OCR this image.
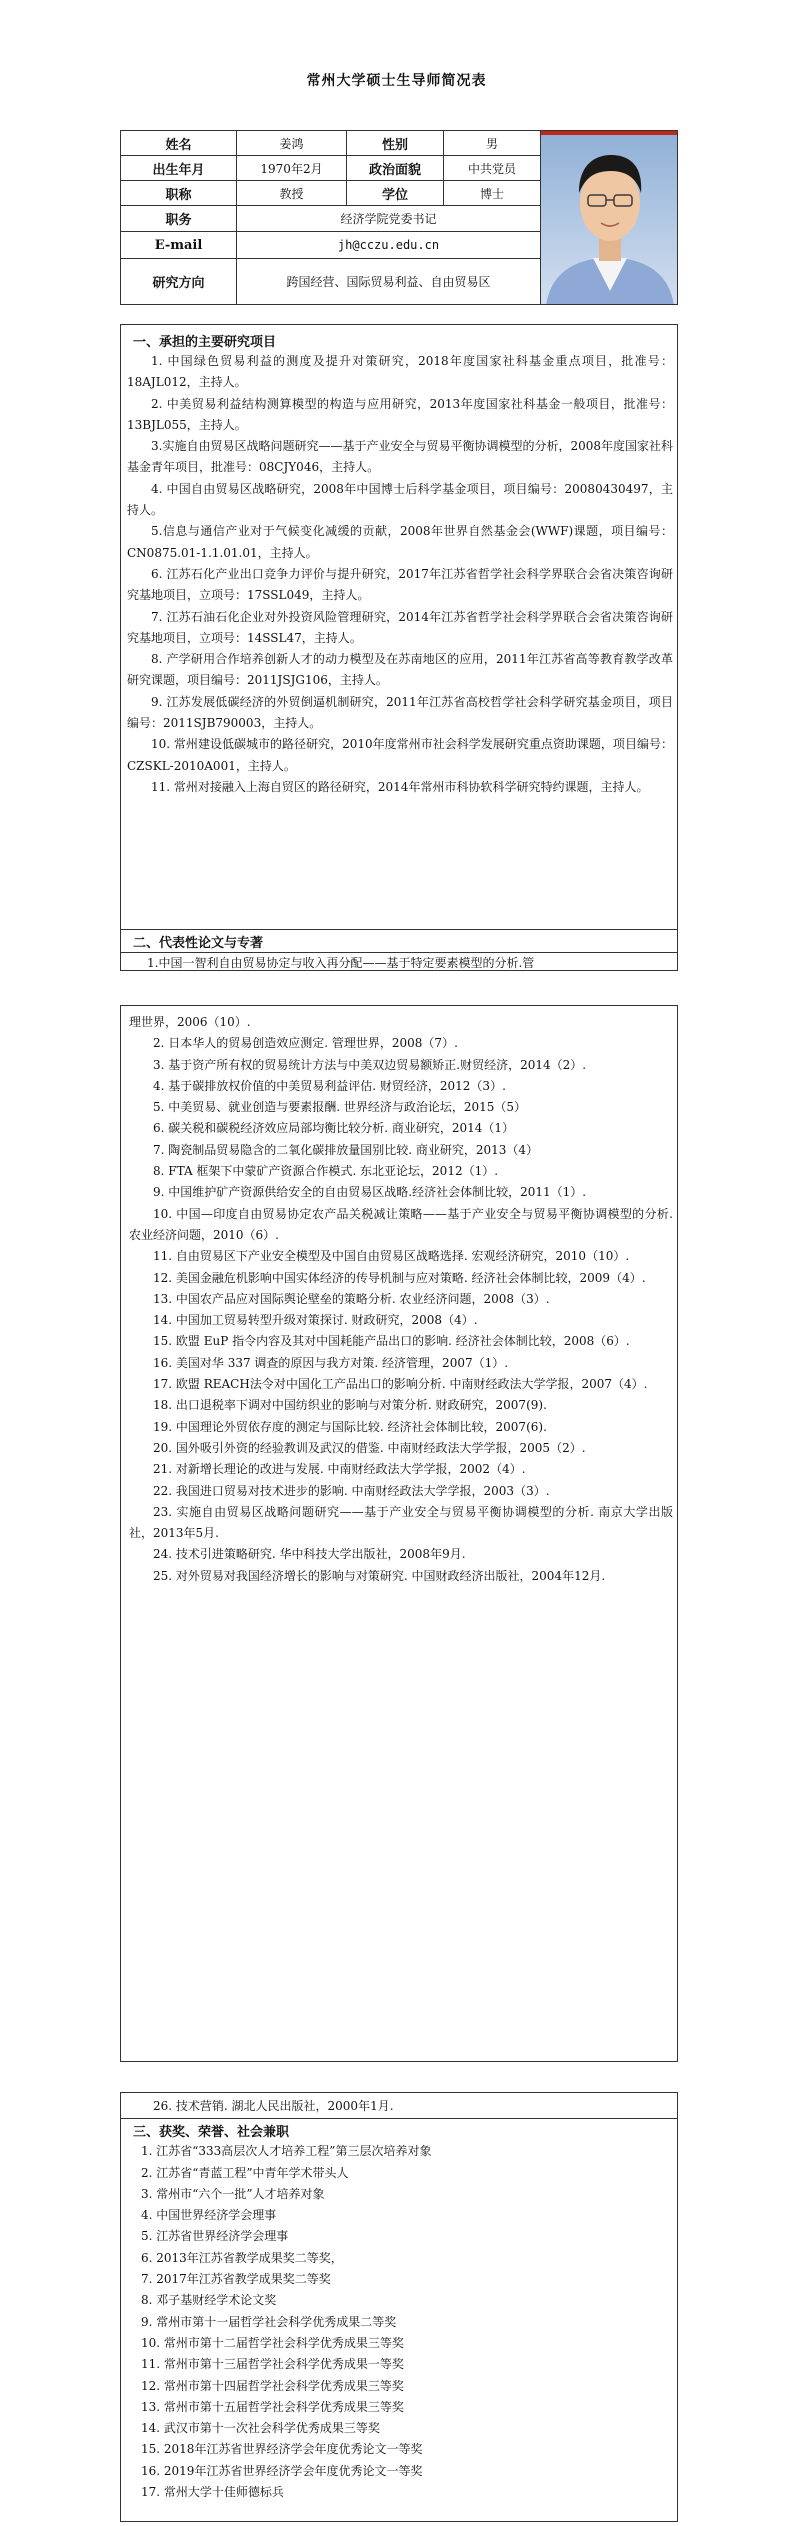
常州大学硕士生导师简况表
姓名	姜鸿	性别	男
出生年月	1970年2月	政治面貌	中共党员
职称	教授	学位	博士
职务	经济学院党委书记
E-mail	jh@cczu.edu.cn
研究方向	跨国经营、国际贸易利益、自由贸易区
一、承担的主要研究项目
1. 中国绿色贸易利益的测度及提升对策研究，2018年度国家社科基金重点项目，批准号：18AJL012，主持人。
2. 中美贸易利益结构测算模型的构造与应用研究，2013年度国家社科基金一般项目，批准号：13BJL055，主持人。
3.实施自由贸易区战略问题研究——基于产业安全与贸易平衡协调模型的分析，2008年度国家社科基金青年项目，批准号：08CJY046，主持人。
4. 中国自由贸易区战略研究，2008年中国博士后科学基金项目，项目编号：20080430497，主持人。
5.信息与通信产业对于气候变化减缓的贡献，2008年世界自然基金会(WWF)课题，项目编号：CN0875.01-1.1.01.01，主持人。
6. 江苏石化产业出口竞争力评价与提升研究，2017年江苏省哲学社会科学界联合会省决策咨询研究基地项目，立项号：17SSL049，主持人。
7. 江苏石油石化企业对外投资风险管理研究，2014年江苏省哲学社会科学界联合会省决策咨询研究基地项目，立项号：14SSL47，主持人。
8. 产学研用合作培养创新人才的动力模型及在苏南地区的应用，2011年江苏省高等教育教学改革研究课题，项目编号：2011JSJG106，主持人。
9. 江苏发展低碳经济的外贸倒逼机制研究，2011年江苏省高校哲学社会科学研究基金项目，项目编号：2011SJB790003，主持人。
10. 常州建设低碳城市的路径研究，2010年度常州市社会科学发展研究重点资助课题，项目编号：CZSKL-2010A001，主持人。
11. 常州对接融入上海自贸区的路径研究，2014年常州市科协软科学研究特约课题，主持人。
二、代表性论文与专著
1.中国一智利自由贸易协定与收入再分配——基于特定要素模型的分析.管
理世界，2006（10）.
2. 日本华人的贸易创造效应测定. 管理世界，2008（7）.
3. 基于资产所有权的贸易统计方法与中美双边贸易额矫正.财贸经济，2014（2）.
4. 基于碳排放权价值的中美贸易利益评估. 财贸经济，2012（3）.
5. 中美贸易、就业创造与要素报酬. 世界经济与政治论坛，2015（5）
6. 碳关税和碳税经济效应局部均衡比较分析. 商业研究，2014（1）
7. 陶瓷制品贸易隐含的二氧化碳排放量国别比较. 商业研究，2013（4）
8. FTA 框架下中蒙矿产资源合作模式. 东北亚论坛，2012（1）.
9. 中国维护矿产资源供给安全的自由贸易区战略.经济社会体制比较，2011（1）.
10. 中国—印度自由贸易协定农产品关税减让策略——基于产业安全与贸易平衡协调模型的分析. 农业经济问题，2010（6）.
11. 自由贸易区下产业安全模型及中国自由贸易区战略选择. 宏观经济研究，2010（10）.
12. 美国金融危机影响中国实体经济的传导机制与应对策略. 经济社会体制比较，2009（4）.
13. 中国农产品应对国际舆论壁垒的策略分析. 农业经济问题，2008（3）.
14. 中国加工贸易转型升级对策探讨. 财政研究，2008（4）.
15. 欧盟 EuP 指令内容及其对中国耗能产品出口的影响. 经济社会体制比较，2008（6）.
16. 美国对华 337 调查的原因与我方对策. 经济管理，2007（1）.
17. 欧盟 REACH法令对中国化工产品出口的影响分析. 中南财经政法大学学报，2007（4）.
18. 出口退税率下调对中国纺织业的影响与对策分析. 财政研究，2007(9).
19. 中国理论外贸依存度的测定与国际比较. 经济社会体制比较，2007(6).
20. 国外吸引外资的经验教训及武汉的借鉴. 中南财经政法大学学报，2005（2）.
21. 对新增长理论的改进与发展. 中南财经政法大学学报，2002（4）.
22. 我国进口贸易对技术进步的影响. 中南财经政法大学学报，2003（3）.
23. 实施自由贸易区战略问题研究——基于产业安全与贸易平衡协调模型的分析. 南京大学出版社，2013年5月.
24. 技术引进策略研究. 华中科技大学出版社，2008年9月.
25. 对外贸易对我国经济增长的影响与对策研究. 中国财政经济出版社，2004年12月.
26. 技术营销. 湖北人民出版社，2000年1月.
三、获奖、荣誉、社会兼职
1. 江苏省“333高层次人才培养工程”第三层次培养对象
2. 江苏省“青蓝工程”中青年学术带头人
3. 常州市“六个一批”人才培养对象
4. 中国世界经济学会理事
5. 江苏省世界经济学会理事
6. 2013年江苏省教学成果奖二等奖，
7. 2017年江苏省教学成果奖二等奖
8. 邓子基财经学术论文奖
9. 常州市第十一届哲学社会科学优秀成果二等奖
10. 常州市第十二届哲学社会科学优秀成果三等奖
11. 常州市第十三届哲学社会科学优秀成果一等奖
12. 常州市第十四届哲学社会科学优秀成果三等奖
13. 常州市第十五届哲学社会科学优秀成果三等奖
14. 武汉市第十一次社会科学优秀成果三等奖
15. 2018年江苏省世界经济学会年度优秀论文一等奖
16. 2019年江苏省世界经济学会年度优秀论文一等奖
17. 常州大学十佳师德标兵
